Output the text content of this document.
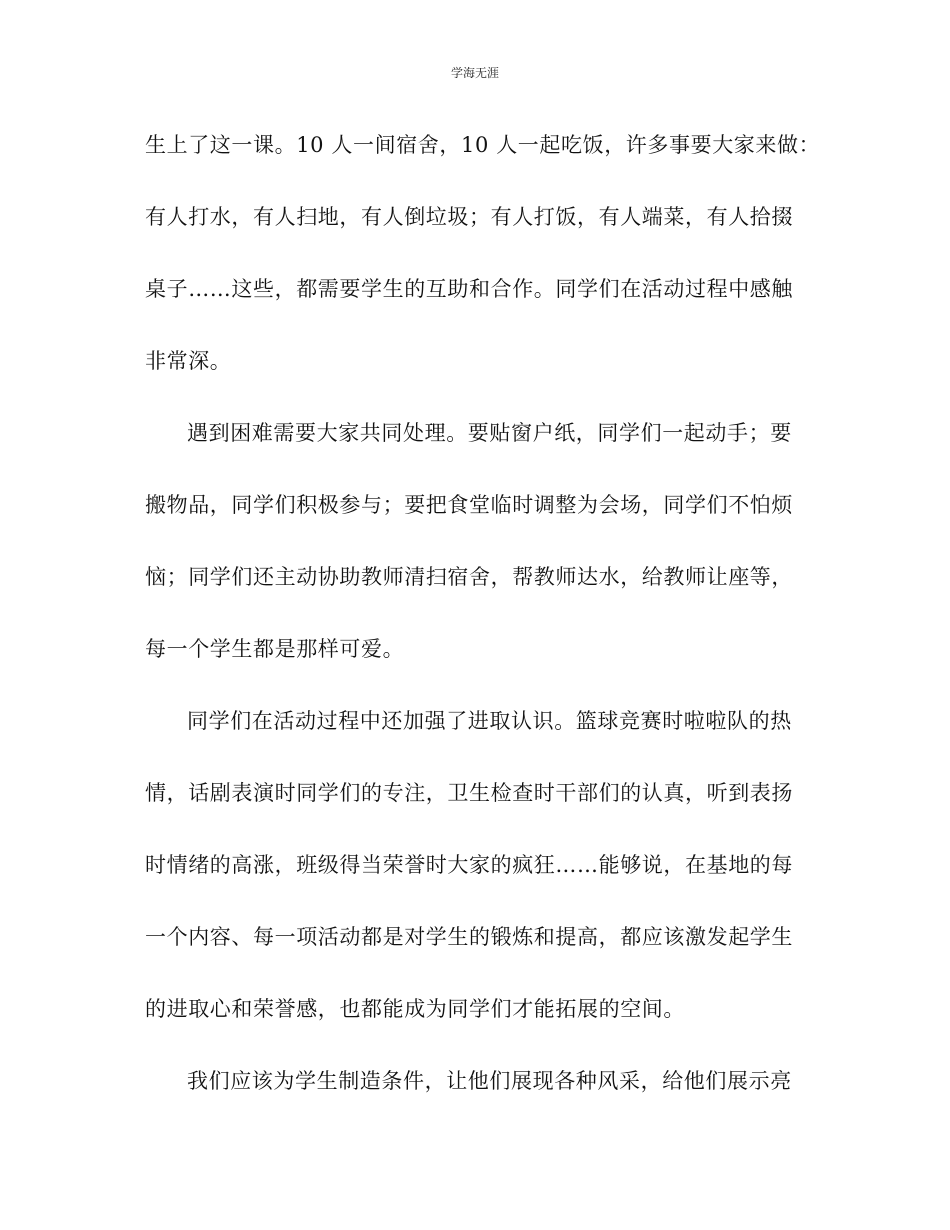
学海无涯
生上了这一课。10 人一间宿舍，10 人一起吃饭，许多事要大家来做：
有人打水，有人扫地，有人倒垃圾；有人打饭，有人端菜，有人拾掇
桌子……这些，都需要学生的互助和合作。同学们在活动过程中感触
非常深。
遇到困难需要大家共同处理。要贴窗户纸，同学们一起动手；要
搬物品，同学们积极参与；要把食堂临时调整为会场，同学们不怕烦
恼；同学们还主动协助教师清扫宿舍，帮教师达水，给教师让座等，
每一个学生都是那样可爱。
同学们在活动过程中还加强了进取认识。篮球竞赛时啦啦队的热
情，话剧表演时同学们的专注，卫生检查时干部们的认真，听到表扬
时情绪的高涨，班级得当荣誉时大家的疯狂……能够说，在基地的每
一个内容、每一项活动都是对学生的锻炼和提高，都应该激发起学生
的进取心和荣誉感，也都能成为同学们才能拓展的空间。
我们应该为学生制造条件，让他们展现各种风采，给他们展示亮
